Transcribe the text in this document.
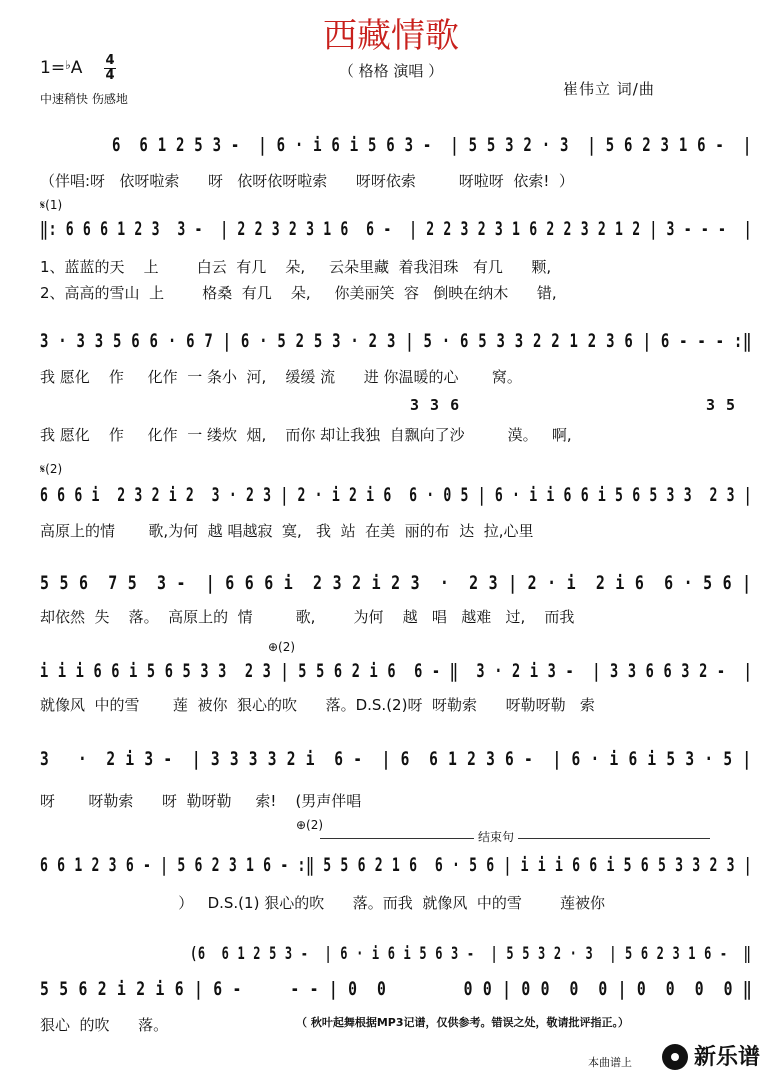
西藏情歌
（ 格格 演唱 ）
1=♭A 4
4
中速稍快 伤感地
崔伟立 词/曲
6  6 1 2 5 3 -  | 6 · i 6 i 5 6 3 -  | 5 5 3 2 · 3  | 5 6 2 3 1 6 -  |
（伴唱:呀   依呀啦索      呀   依呀依呀啦索      呀呀依索         呀啦呀  依索!  ）
𝄋(1)
‖: 6 6 6 1 2 3  3 -  | 2 2 3 2 3 1 6  6 -  | 2 2 3 2 3 1 6 2 2 3 2 1 2 | 3 - - -  |
1、蓝蓝的天    上        白云  有几    朵,     云朵里藏  着我泪珠   有几      颗,
2、高高的雪山  上        格桑  有几    朵,     你美丽笑  容   倒映在纳木      错,
3 · 3 3 5 6 6 · 6 7 | 6 · 5 2 5 3 · 2 3 | 5 · 6 5 3 3 2 2 1 2 3 6 | 6 - - - :‖
我 愿化    作     化作  一 条小  河,    缓缓 流      进 你温暖的心       窝。
3 3 6	3 5
我 愿化    作     化作  一 缕炊  烟,    而你 却让我独  自飘向了沙         漠。   啊,
𝄋(2)
6 6 6 i  2 3 2 i 2  3 · 2 3 | 2 · i 2 i 6  6 · 0 5 | 6 · i i 6 6 i 5 6 5 3 3  2 3 |
高原上的情       歌,为何  越 唱越寂  寞,   我  站  在美  丽的布  达  拉,心里
5 5 6  7 5  3 -  | 6 6 6 i  2 3 2 i 2 3  ·  2 3 | 2 · i  2 i 6  6 · 5 6 |
却依然  失    落。  高原上的  情         歌,        为何    越   唱   越难   过,    而我
⊕(2)
i i i 6 6 i 5 6 5 3 3  2 3 | 5 5 6 2 i 6  6 - ‖  3 · 2 i 3 -  | 3 3 6 6 3 2 -  |
就像风  中的雪       莲  被你  狠心的吹      落。D.S.(2)呀  呀勒索      呀勒呀勒   索
3   ·  2 i 3 -  | 3 3 3 3 2 i  6 -  | 6  6 1 2 3 6 -  | 6 · i 6 i 5 3 · 5 |
呀       呀勒索      呀  勒呀勒     索!    (男声伴唱
⊕(2)
结束句
6 6 1 2 3 6 - | 5 6 2 3 1 6 - :‖ 5 5 6 2 1 6  6 · 5 6 | i i i 6 6 i 5 6 5 3 3 2 3 |
）   D.S.(1) 狠心的吹      落。而我  就像风  中的雪        莲被你
(6  6 1 2 5 3 -  | 6 · i 6 i 5 6 3 -  | 5 5 3 2 · 3  | 5 6 2 3 1 6 -  ‖
5 5 6 2 i 2 i 6 | 6 -     - - | 0  0        0 0 | 0 0  0  0 | 0  0  0  0 ‖
狠心  的吹      落。	（ 秋叶起舞根据MP3记谱，仅供参考。错误之处，敬请批评指正。）
本曲谱上	新乐谱
